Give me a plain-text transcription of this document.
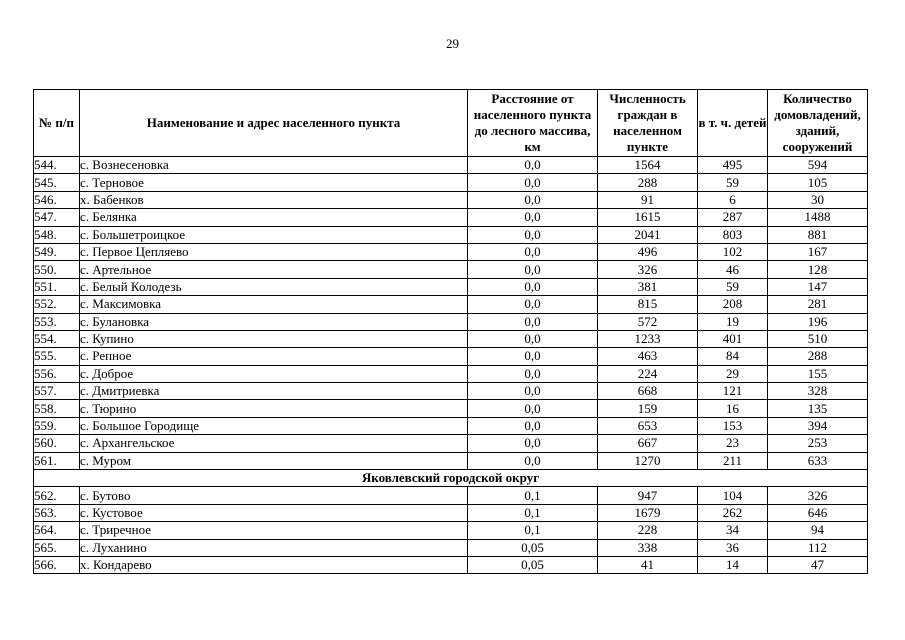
29
№ п/п	Наименование и адрес населенного пункта	Расстояние от населенного пункта до лесного массива, км	Численность граждан в населенном пункте	в т. ч. детей	Количество домовладений, зданий, сооружений
544.	с. Вознесеновка	0,0	1564	495	594
545.	с. Терновое	0,0	288	59	105
546.	х. Бабенков	0,0	91	6	30
547.	с. Белянка	0,0	1615	287	1488
548.	с. Большетроицкое	0,0	2041	803	881
549.	с. Первое Цепляево	0,0	496	102	167
550.	с. Артельное	0,0	326	46	128
551.	с. Белый Колодезь	0,0	381	59	147
552.	с. Максимовка	0,0	815	208	281
553.	с. Булановка	0,0	572	19	196
554.	с. Купино	0,0	1233	401	510
555.	с. Репное	0,0	463	84	288
556.	с. Доброе	0,0	224	29	155
557.	с. Дмитриевка	0,0	668	121	328
558.	с. Тюрино	0,0	159	16	135
559.	с. Большое Городище	0,0	653	153	394
560.	с. Архангельское	0,0	667	23	253
561.	с. Муром	0,0	1270	211	633
Яковлевский городской округ					
562.	с. Бутово	0,1	947	104	326
563.	с. Кустовое	0,1	1679	262	646
564.	с. Триречное	0,1	228	34	94
565.	с. Луханино	0,05	338	36	112
566.	х. Кондарево	0,05	41	14	47
